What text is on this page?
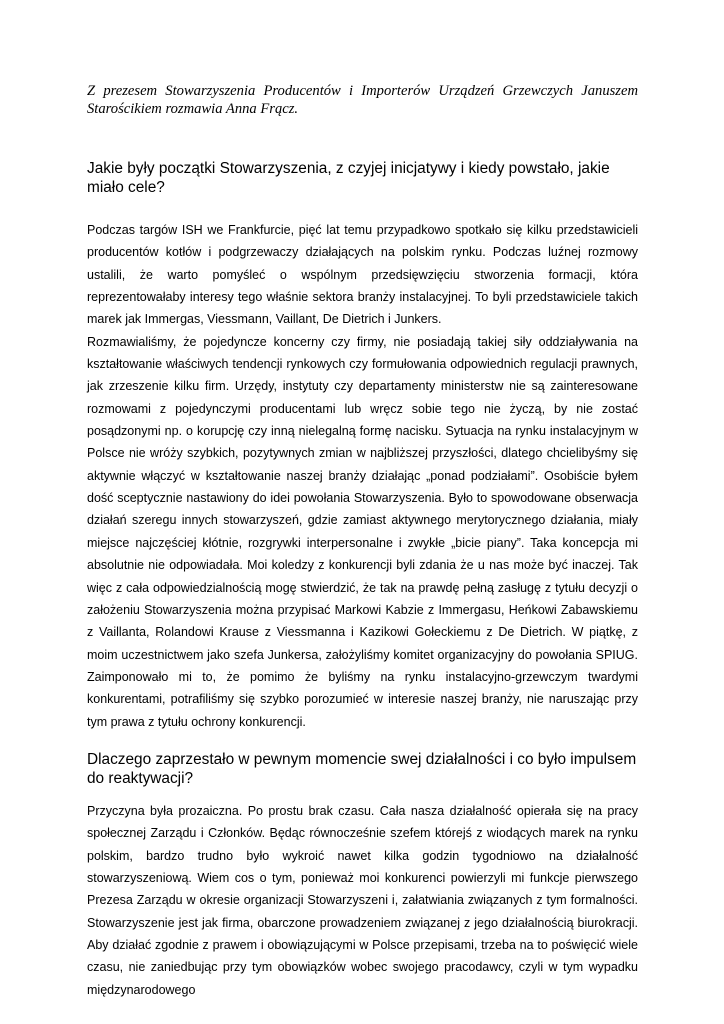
Z prezesem Stowarzyszenia Producentów i Importerów Urządzeń Grzewczych Januszem Starościkiem rozmawia Anna Frącz.

Jakie były początki Stowarzyszenia, z czyjej inicjatywy i kiedy powstało, jakie miało cele?

Podczas targów ISH we Frankfurcie, pięć lat temu przypadkowo spotkało się kilku przedstawicieli producentów kotłów i podgrzewaczy działających na polskim rynku. Podczas luźnej rozmowy ustalili, że warto pomyśleć o wspólnym przedsięwzięciu stworzenia formacji, która reprezentowałaby interesy tego właśnie sektora branży instalacyjnej. To byli przedstawiciele takich marek jak Immergas, Viessmann, Vaillant, De Dietrich i Junkers.

Rozmawialiśmy, że pojedyncze koncerny czy firmy, nie posiadają takiej siły oddziaływania na kształtowanie właściwych tendencji rynkowych czy formułowania odpowiednich regulacji prawnych, jak zrzeszenie kilku firm. Urzędy, instytuty czy departamenty ministerstw nie są zainteresowane rozmowami z pojedynczymi producentami lub wręcz sobie tego nie życzą, by nie zostać posądzonymi np. o korupcję czy inną nielegalną formę nacisku. Sytuacja na rynku instalacyjnym w Polsce nie wróży szybkich, pozytywnych zmian w najbliższej przyszłości, dlatego chcielibyśmy się aktywnie włączyć w kształtowanie naszej branży działając „ponad podziałami”. Osobiście byłem dość sceptycznie nastawiony do idei powołania Stowarzyszenia. Było to spowodowane obserwacja działań szeregu innych stowarzyszeń, gdzie zamiast aktywnego merytorycznego działania, miały miejsce najczęściej kłótnie, rozgrywki interpersonalne i zwykłe „bicie piany”. Taka koncepcja mi absolutnie nie odpowiadała. Moi koledzy z konkurencji byli zdania że u nas może być inaczej. Tak więc z cała odpowiedzialnością mogę stwierdzić, że tak na prawdę pełną zasługę z tytułu decyzji o założeniu Stowarzyszenia można przypisać Markowi Kabzie z Immergasu, Heńkowi Zabawskiemu z Vaillanta, Rolandowi Krause z Viessmanna i Kazikowi Gołeckiemu z De Dietrich. W piątkę, z moim uczestnictwem jako szefa Junkersa, założyliśmy komitet organizacyjny do powołania SPIUG. Zaimponowało mi to, że pomimo że byliśmy na rynku instalacyjno-grzewczym twardymi konkurentami, potrafiliśmy się szybko porozumieć w interesie naszej branży, nie naruszając przy tym prawa z tytułu ochrony konkurencji.

Dlaczego zaprzestało w pewnym momencie swej działalności i co było impulsem do reaktywacji?

Przyczyna była prozaiczna. Po prostu brak czasu. Cała nasza działalność opierała się na pracy społecznej Zarządu i Członków. Będąc równocześnie szefem którejś z wiodących marek na rynku polskim, bardzo trudno było wykroić nawet kilka godzin tygodniowo na działalność stowarzyszeniową. Wiem cos o tym, ponieważ moi konkurenci powierzyli mi funkcje pierwszego Prezesa Zarządu w okresie organizacji Stowarzyszeni i, załatwiania związanych z tym formalności. Stowarzyszenie jest jak firma, obarczone prowadzeniem związanej z jego działalnością biurokracji. Aby działać zgodnie z prawem i obowiązującymi w Polsce przepisami, trzeba na to poświęcić wiele czasu, nie zaniedbując przy tym obowiązków wobec swojego pracodawcy, czyli w tym wypadku międzynarodowego
